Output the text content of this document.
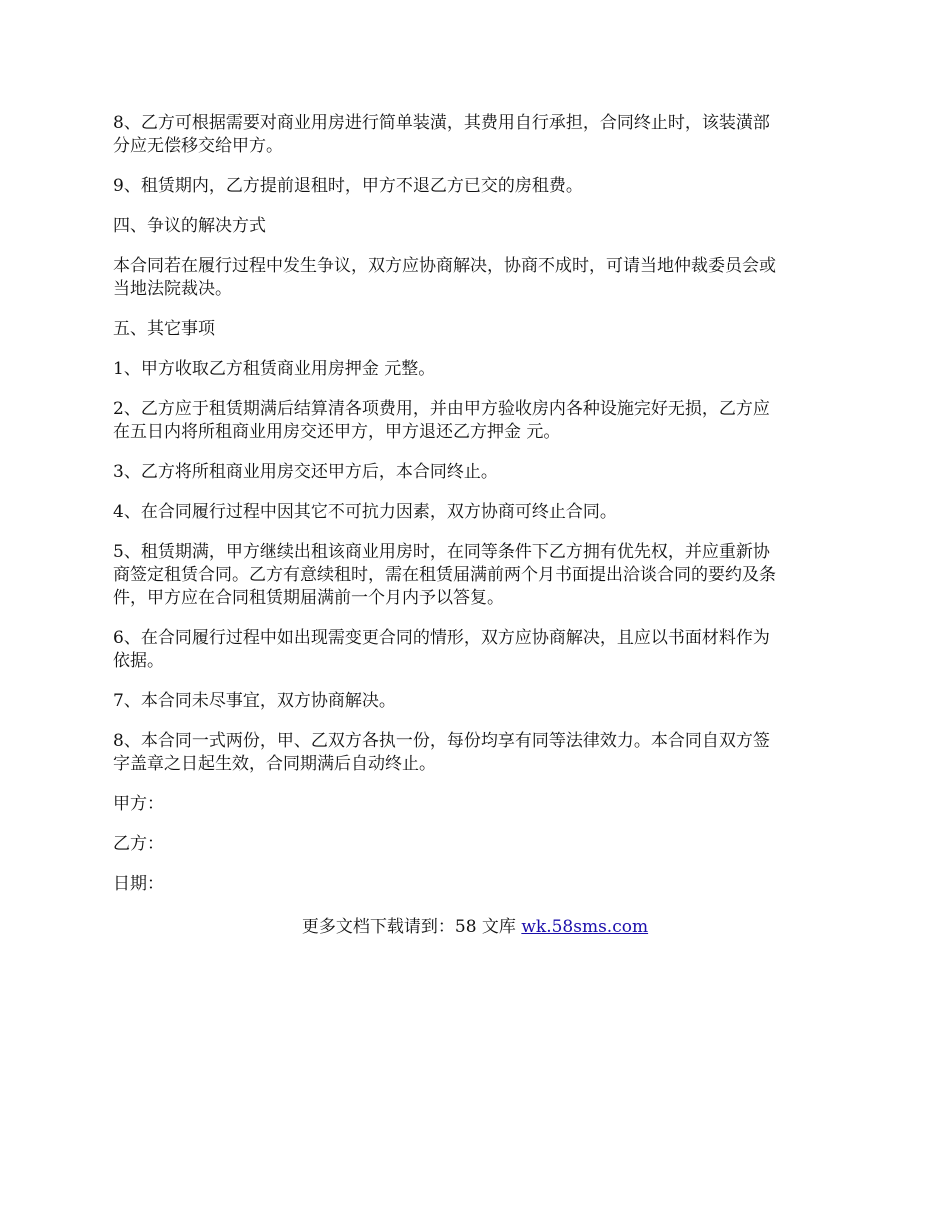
8、乙方可根据需要对商业用房进行简单装潢，其费用自行承担，合同终止时，该装潢部
分应无偿移交给甲方。
9、租赁期内，乙方提前退租时，甲方不退乙方已交的房租费。
四、争议的解决方式
本合同若在履行过程中发生争议，双方应协商解决，协商不成时，可请当地仲裁委员会或
当地法院裁决。
五、其它事项
1、甲方收取乙方租赁商业用房押金 元整。
2、乙方应于租赁期满后结算清各项费用，并由甲方验收房内各种设施完好无损，乙方应
在五日内将所租商业用房交还甲方，甲方退还乙方押金 元。
3、乙方将所租商业用房交还甲方后，本合同终止。
4、在合同履行过程中因其它不可抗力因素，双方协商可终止合同。
5、租赁期满，甲方继续出租该商业用房时，在同等条件下乙方拥有优先权，并应重新协
商签定租赁合同。乙方有意续租时，需在租赁届满前两个月书面提出洽谈合同的要约及条
件，甲方应在合同租赁期届满前一个月内予以答复。
6、在合同履行过程中如出现需变更合同的情形，双方应协商解决，且应以书面材料作为
依据。
7、本合同未尽事宜，双方协商解决。
8、本合同一式两份，甲、乙双方各执一份，每份均享有同等法律效力。本合同自双方签
字盖章之日起生效，合同期满后自动终止。
甲方：
乙方：
日期：
更多文档下载请到：58 文库 wk.58sms.com
